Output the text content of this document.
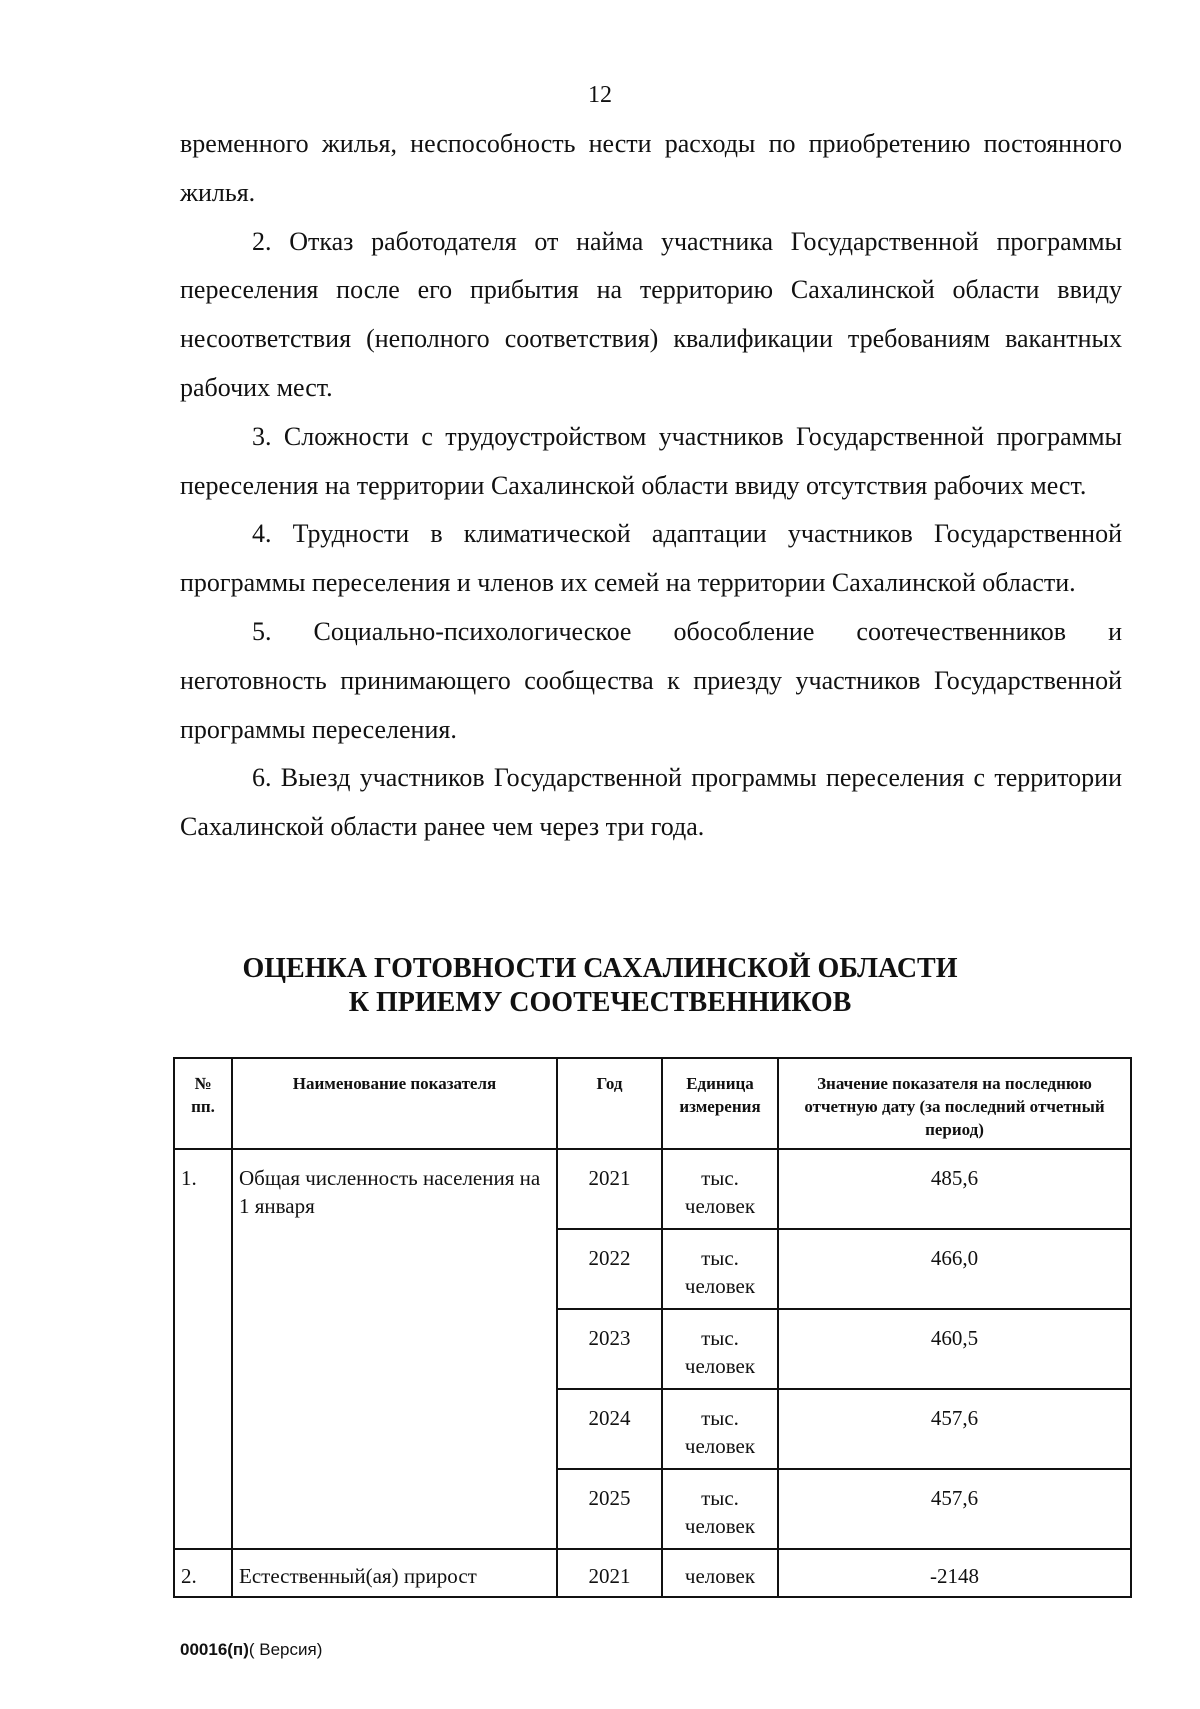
12

временного жилья, неспособность нести расходы по приобретению постоянного жилья.

2. Отказ работодателя от найма участника Государственной программы переселения после его прибытия на территорию Сахалинской области ввиду несоответствия (неполного соответствия) квалификации требованиям вакантных рабочих мест.

3. Сложности с трудоустройством участников Государственной программы переселения на территории Сахалинской области ввиду отсутствия рабочих мест.

4. Трудности в климатической адаптации участников Государственной программы переселения и членов их семей на территории Сахалинской области.

5. Социально-психологическое обособление соотечественников и неготовность принимающего сообщества к приезду участников Государственной программы переселения.

6. Выезд участников Государственной программы переселения с территории Сахалинской области ранее чем через три года.

ОЦЕНКА ГОТОВНОСТИ САХАЛИНСКОЙ ОБЛАСТИ
К ПРИЕМУ СООТЕЧЕСТВЕННИКОВ
№ пп.	Наименование показателя	Год	Единица измерения	Значение показателя на последнюю отчетную дату (за последний отчетный период)
1.	Общая численность населения на 1 января	2021	тыс. человек	485,6
		2022	тыс. человек	466,0
		2023	тыс. человек	460,5
		2024	тыс. человек	457,6
		2025	тыс. человек	457,6
2.	Естественный(ая) прирост	2021	человек	-2148
00016(п)( Версия)
